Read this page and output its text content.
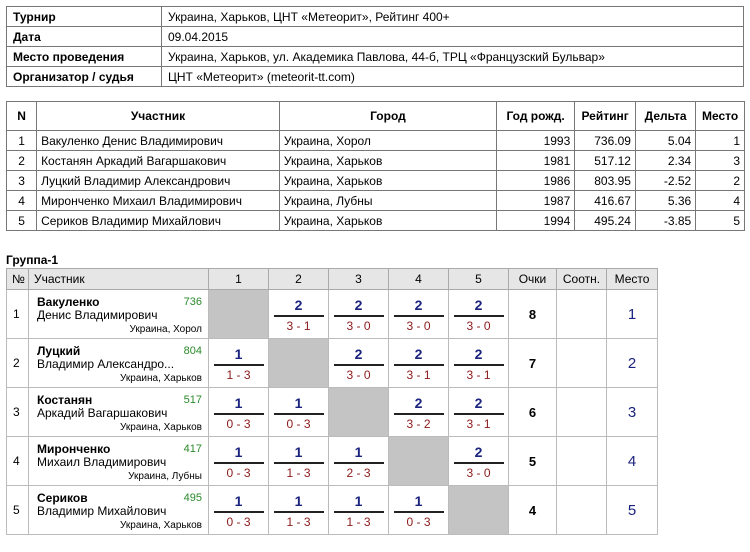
Турнир	Украина, Харьков, ЦНТ «Метеорит», Рейтинг 400+
Дата	09.04.2015
Место проведения	Украина, Харьков, ул. Академика Павлова, 44-б, ТРЦ «Французский Бульвар»
Организатор / судья	ЦНТ «Метеорит» (meteorit-tt.com)
N	Участник	Город	Год рожд.	Рейтинг	Дельта	Место
1	Вакуленко Денис Владимирович	Украина, Хорол	1993	736.09	5.04	1
2	Костанян Аркадий Вагаршакович	Украина, Харьков	1981	517.12	2.34	3
3	Луцкий Владимир Александрович	Украина, Харьков	1986	803.95	-2.52	2
4	Миронченко Михаил Владимирович	Украина, Лубны	1987	416.67	5.36	4
5	Сериков Владимир Михайлович	Украина, Харьков	1994	495.24	-3.85	5
Группа-1
№	Участник	1	2	3	4	5	Очки	Соотн.	Место
1	Вакуленко 736
Денис Владимирович
Украина, Хорол		$\frac{2}{3 - 1}$	$\frac{2}{3 - 0}$	$\frac{2}{3 - 0}$	$\frac{2}{3 - 0}$	8		1
2	Луцкий 804
Владимир Александро...
Украина, Харьков	$\frac{1}{1 - 3}$		$\frac{2}{3 - 0}$	$\frac{2}{3 - 1}$	$\frac{2}{3 - 1}$	7		2
3	Костанян 517
Аркадий Вагаршакович
Украина, Харьков	$\frac{1}{0 - 3}$	$\frac{1}{0 - 3}$		$\frac{2}{3 - 2}$	$\frac{2}{3 - 1}$	6		3
4	Миронченко 417
Михаил Владимирович
Украина, Лубны	$\frac{1}{0 - 3}$	$\frac{1}{1 - 3}$	$\frac{1}{2 - 3}$		$\frac{2}{3 - 0}$	5		4
5	Сериков 495
Владимир Михайлович
Украина, Харьков	$\frac{1}{0 - 3}$	$\frac{1}{1 - 3}$	$\frac{1}{1 - 3}$	$\frac{1}{0 - 3}$		4		5
